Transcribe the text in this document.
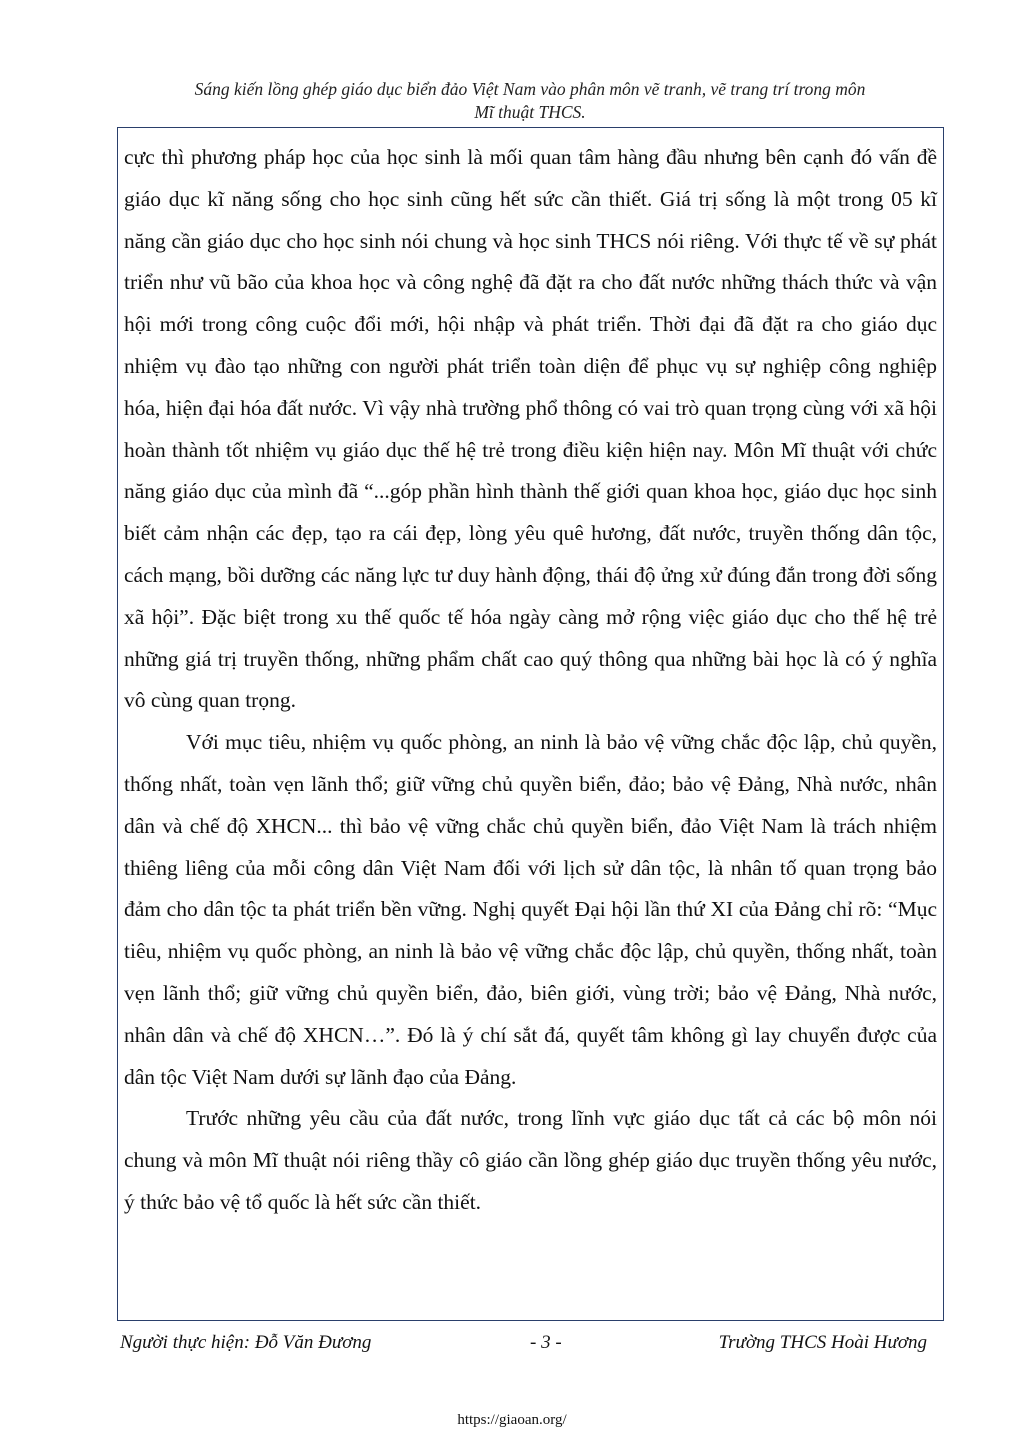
Sáng kiến lồng ghép giáo dục biển đảo Việt Nam vào phân môn vẽ tranh, vẽ trang trí trong môn
Mĩ thuật THCS.

cực thì phương pháp học của học sinh là mối quan tâm hàng đầu nhưng bên cạnh đó vấn đề giáo dục kĩ năng sống cho học sinh cũng hết sức cần thiết. Giá trị sống là một trong 05 kĩ năng cần giáo dục cho học sinh nói chung và học sinh THCS nói riêng. Với thực tế về sự phát triển như vũ bão của khoa học và công nghệ đã đặt ra cho đất nước những thách thức và vận hội mới trong công cuộc đổi mới, hội nhập và phát triển. Thời đại đã đặt ra cho giáo dục nhiệm vụ đào tạo những con người phát triển toàn diện để phục vụ sự nghiệp công nghiệp hóa, hiện đại hóa đất nước. Vì vậy nhà trường phổ thông có vai trò quan trọng cùng với xã hội hoàn thành tốt nhiệm vụ giáo dục thế hệ trẻ trong điều kiện hiện nay. Môn Mĩ thuật với chức năng giáo dục của mình đã “...góp phần hình thành thế giới quan khoa học, giáo dục học sinh biết cảm nhận các đẹp, tạo ra cái đẹp, lòng yêu quê hương, đất nước, truyền thống dân tộc, cách mạng, bồi dưỡng các năng lực tư duy hành động, thái độ ửng xử đúng đắn trong đời sống xã hội”. Đặc biệt trong xu thế quốc tế hóa ngày càng mở rộng việc giáo dục cho thế hệ trẻ những giá trị truyền thống, những phẩm chất cao quý thông qua những bài học là có ý nghĩa vô cùng quan trọng.

Với mục tiêu, nhiệm vụ quốc phòng, an ninh là bảo vệ vững chắc độc lập, chủ quyền, thống nhất, toàn vẹn lãnh thổ; giữ vững chủ quyền biển, đảo; bảo vệ Đảng, Nhà nước, nhân dân và chế độ XHCN... thì bảo vệ vững chắc chủ quyền biển, đảo Việt Nam là trách nhiệm thiêng liêng của mỗi công dân Việt Nam đối với lịch sử dân tộc, là nhân tố quan trọng bảo đảm cho dân tộc ta phát triển bền vững. Nghị quyết Đại hội lần thứ XI của Đảng chỉ rõ: “Mục tiêu, nhiệm vụ quốc phòng, an ninh là bảo vệ vững chắc độc lập, chủ quyền, thống nhất, toàn vẹn lãnh thổ; giữ vững chủ quyền biển, đảo, biên giới, vùng trời; bảo vệ Đảng, Nhà nước, nhân dân và chế độ XHCN…”. Đó là ý chí sắt đá, quyết tâm không gì lay chuyển được của dân tộc Việt Nam dưới sự lãnh đạo của Đảng.

Trước những yêu cầu của đất nước, trong lĩnh vực giáo dục tất cả các bộ môn nói chung và môn Mĩ thuật nói riêng thầy cô giáo cần lồng ghép giáo dục truyền thống yêu nước, ý thức bảo vệ tổ quốc là hết sức cần thiết.

Người thực hiện: Đỗ Văn Đương	- 3 -	Trường THCS Hoài Hương
https://giaoan.org/
